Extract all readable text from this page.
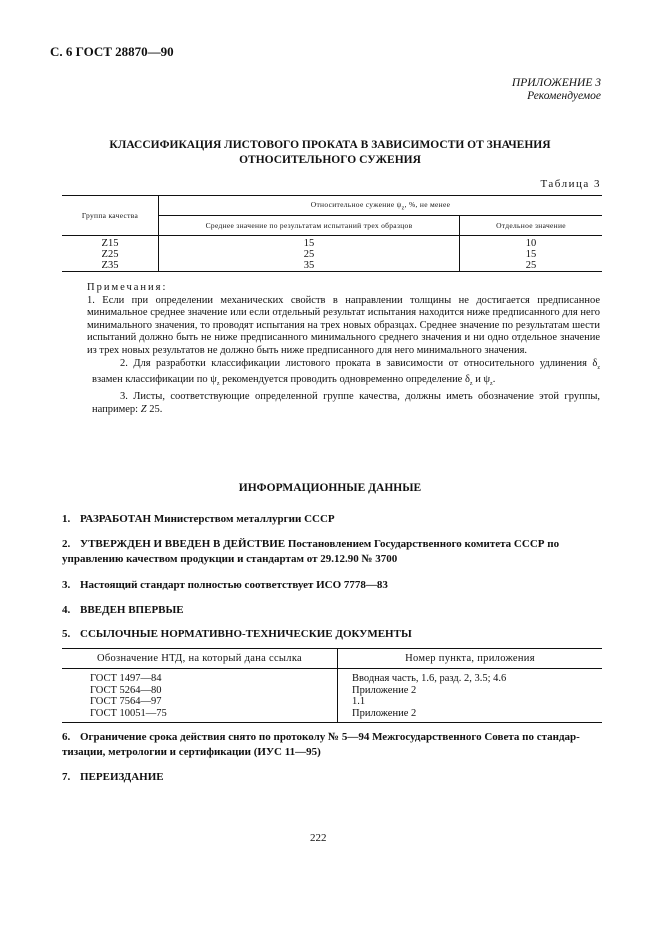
С. 6 ГОСТ 28870—90
ПРИЛОЖЕНИЕ 3
Рекомендуемое
КЛАССИФИКАЦИЯ ЛИСТОВОГО ПРОКАТА В ЗАВИСИМОСТИ ОТ ЗНАЧЕНИЯ
ОТНОСИТЕЛЬНОГО СУЖЕНИЯ
Таблица 3
Группа качества	Относительное сужение $\psi_z$, %, не менее	
	Среднее значение по результатам испытаний трех образцов	Отдельное значение
Z15	15	10
Z25	25	15
Z35	35	25

Примечания:

1. Если при определении механических свойств в направлении толщины не достигается предписанное минимальное среднее значение или если отдельный результат испытания находится ниже предписанного для него минимального значения, то проводят испытания на трех новых образцах. Среднее значение по результатам шести испытаний должно быть не ниже предписанного минимального среднего значения и ни одно отдельное значение из трех новых результатов не должно быть ниже предписанного для него минимального значения.

2. Для разработки классификации листового проката в зависимости от относительного удлинения $\delta_z$ взамен классификации по $\psi_z$ рекомендуется проводить одновременно определение $\delta_z$ и $\psi_z$.

3. Листы, соответствующие определенной группе качества, должны иметь обозначение этой группы, например: Z 25.

ИНФОРМАЦИОННЫЕ ДАННЫЕ
1. РАЗРАБОТАН Министерством металлургии СССР
2. УТВЕРЖДЕН И ВВЕДЕН В ДЕЙСТВИЕ Постановлением Государственного комитета СССР по
управлению качеством продукции и стандартам от 29.12.90 № 3700
3. Настоящий стандарт полностью соответствует ИСО 7778—83
4. ВВЕДЕН ВПЕРВЫЕ
5. ССЫЛОЧНЫЕ НОРМАТИВНО-ТЕХНИЧЕСКИЕ ДОКУМЕНТЫ
Обозначение НТД, на который дана ссылка	Номер пункта, приложения
ГОСТ 1497—84	Вводная часть, 1.6, разд. 2, 3.5; 4.6
ГОСТ 5264—80	Приложение 2
ГОСТ 7564—97	1.1
ГОСТ 10051—75	Приложение 2
6. Ограничение срока действия снято по протоколу № 5—94 Межгосударственного Совета по стандар-
тизации, метрологии и сертификации (ИУС 11—95)
7. ПЕРЕИЗДАНИЕ
222
